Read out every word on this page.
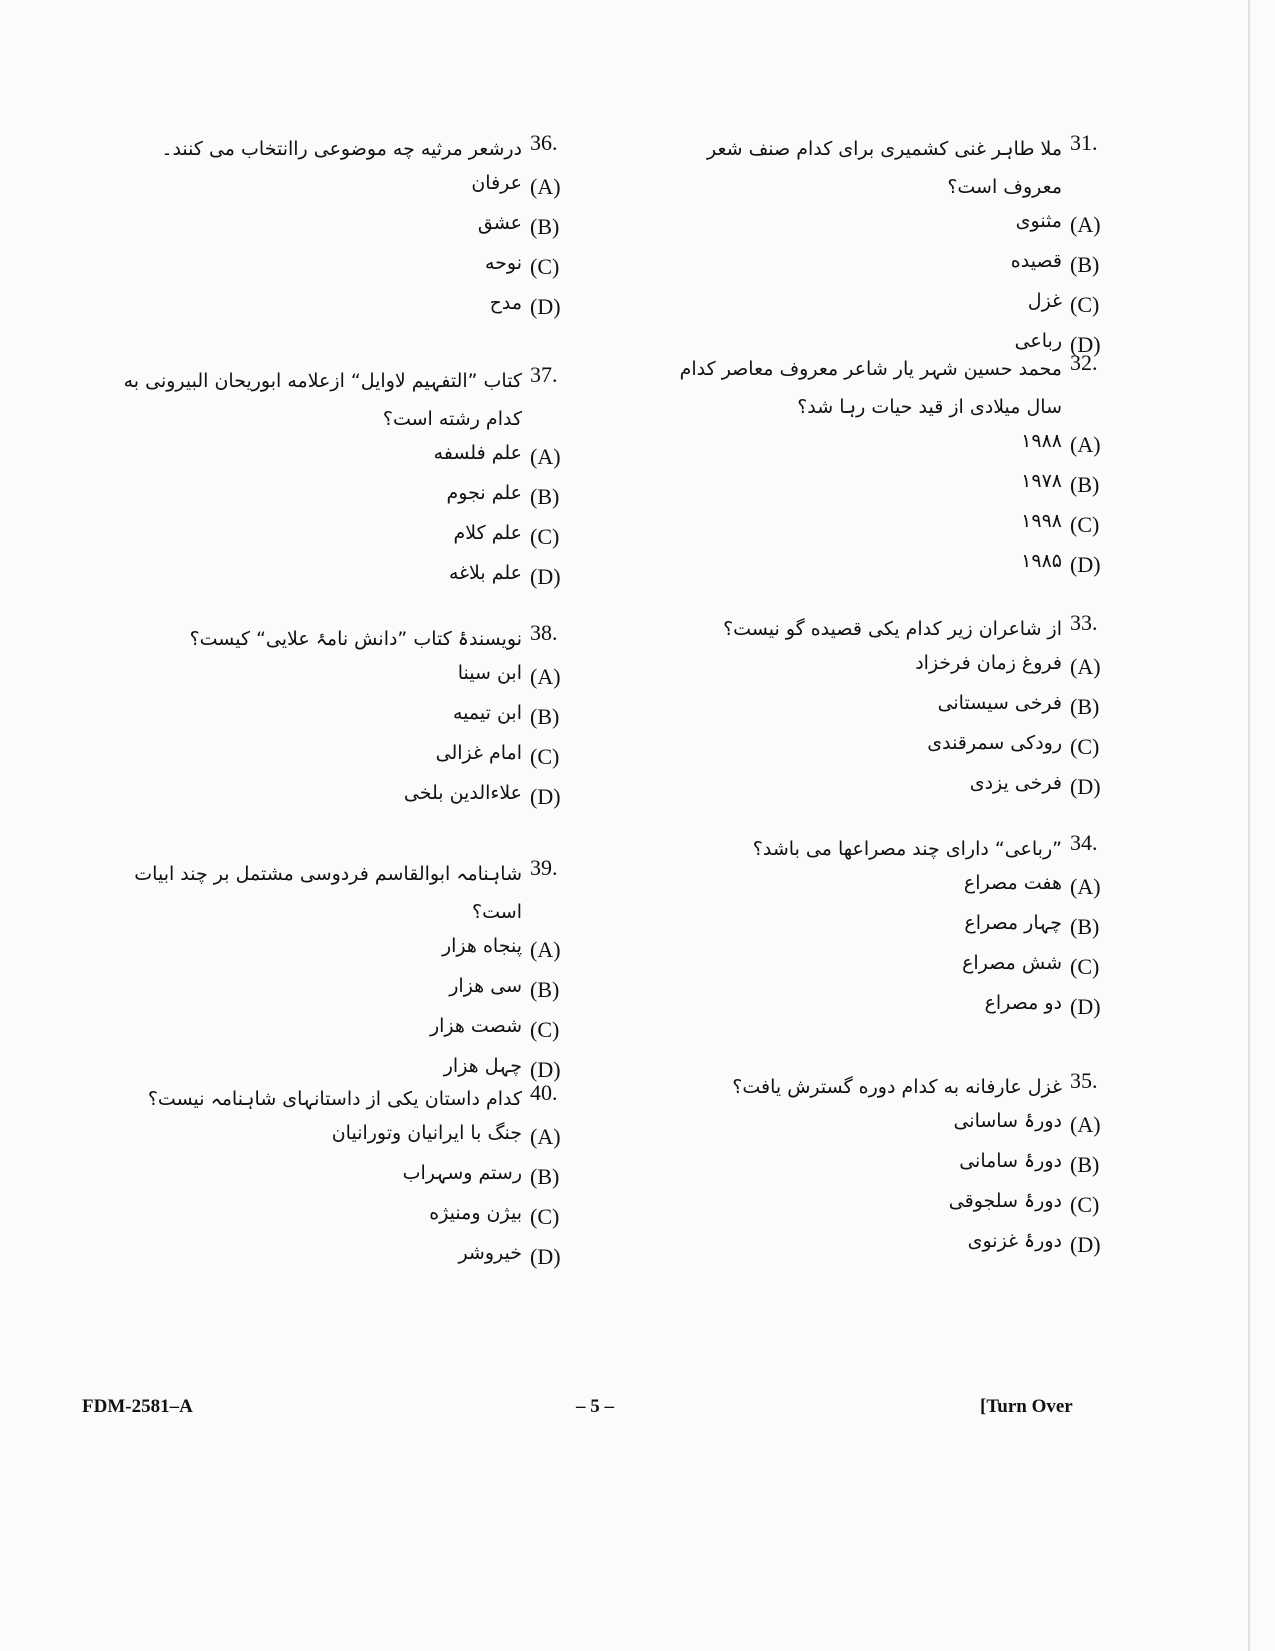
36.
درشعر مرثیه چه موضوعی راانتخاب می کنند۔
(A)
عرفان
(B)
عشق
(C)
نوحه
(D)
مدح
37.
کتاب ”التفہیم لاوایل“ ازعلامه ابوریحان البیرونی به کدام رشته است؟
(A)
علم فلسفه
(B)
علم نجوم
(C)
علم کلام
(D)
علم بلاغه
38.
نویسندۂ کتاب ”دانش نامۂ علایی“ کیست؟
(A)
ابن سینا
(B)
ابن تیمیه
(C)
امام غزالی
(D)
علاءالدین بلخی
39.
شاہنامہ ابوالقاسم فردوسی مشتمل بر چند ابیات است؟
(A)
پنجاه هزار
(B)
سی هزار
(C)
شصت هزار
(D)
چہل هزار
40.
کدام داستان یکی از داستانہای شاہنامہ نیست؟
(A)
جنگ با ایرانیان وتورانیان
(B)
رستم وسہراب
(C)
بیژن ومنیژه
(D)
خیروشر
31.
ملا طاہر غنی کشمیری برای کدام صنف شعر معروف است؟
(A)
مثنوی
(B)
قصیده
(C)
غزل
(D)
رباعی
32.
محمد حسین شہر یار شاعر معروف معاصر کدام سال میلادی از قید حیات رہا شد؟
(A)
۱۹۸۸
(B)
۱۹۷۸
(C)
۱۹۹۸
(D)
۱۹۸۵
33.
از شاعران زیر کدام یکی قصیده گو نیست؟
(A)
فروغ زمان فرخزاد
(B)
فرخی سیستانی
(C)
رودکی سمرقندی
(D)
فرخی یزدی
34.
”رباعی“ دارای چند مصراعها می باشد؟
(A)
هفت مصراع
(B)
چہار مصراع
(C)
شش مصراع
(D)
دو مصراع
35.
غزل عارفانه به کدام دوره گسترش یافت؟
(A)
دورۂ ساسانی
(B)
دورۂ سامانی
(C)
دورۂ سلجوقی
(D)
دورۂ غزنوی
FDM-2581–A	– 5 –	[Turn Over
